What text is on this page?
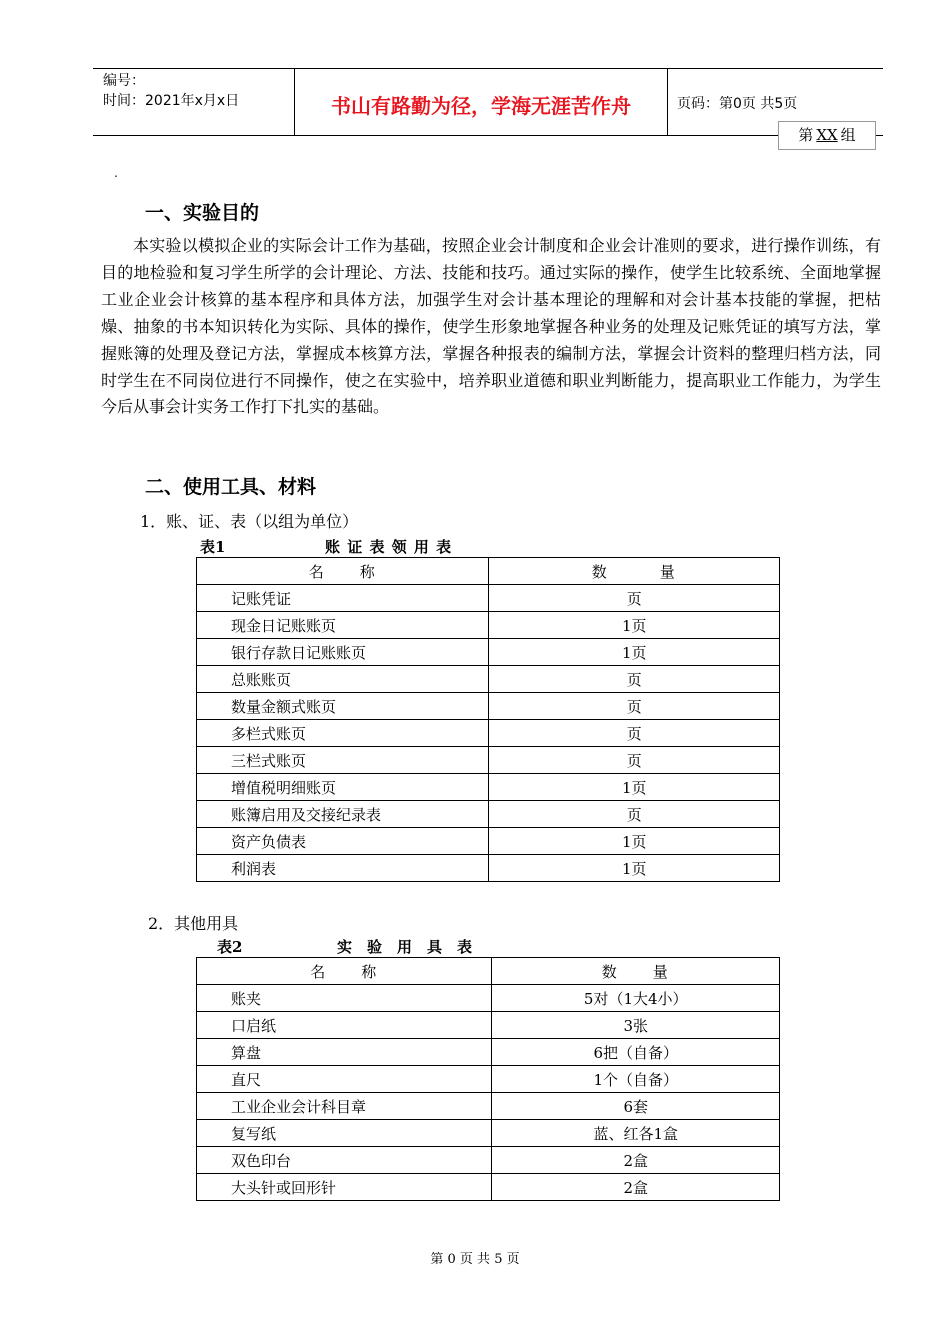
编号：
时间：2021年x月x日	书山有路勤为径，学海无涯苦作舟	页码：第0页 共5页
第 XX 组
.
一、实验目的

本实验以模拟企业的实际会计工作为基础，按照企业会计制度和企业会计准则的要求，进行操作训练，有目的地检验和复习学生所学的会计理论、方法、技能和技巧。通过实际的操作，使学生比较系统、全面地掌握工业企业会计核算的基本程序和具体方法，加强学生对会计基本理论的理解和对会计基本技能的掌握，把枯燥、抽象的书本知识转化为实际、具体的操作，使学生形象地掌握各种业务的处理及记账凭证的填写方法，掌握账簿的处理及登记方法，掌握成本核算方法，掌握各种报表的编制方法，掌握会计资料的整理归档方法，同时学生在不同岗位进行不同操作，使之在实验中，培养职业道德和职业判断能力，提高职业工作能力，为学生今后从事会计实务工作打下扎实的基础。

二、使用工具、材料

1．账、证、表（以组为单位）

表1	账 证 表 领 用 表
名　　称	数　　　量
记账凭证	页
现金日记账账页	1页
银行存款日记账账页	1页
总账账页	页
数量金额式账页	页
多栏式账页	页
三栏式账页	页
增值税明细账页	1页
账簿启用及交接纪录表	页
资产负债表	1页
利润表	1页

2．其他用具

表2	实　验　用　具　表
名　　称	数　　量
账夹	5对（1大4小）
口启纸	3张
算盘	6把（自备）
直尺	1个（自备）
工业企业会计科目章	6套
复写纸	蓝、红各1盒
双色印台	2盒
大头针或回形针	2盒
第 0 页 共 5 页
